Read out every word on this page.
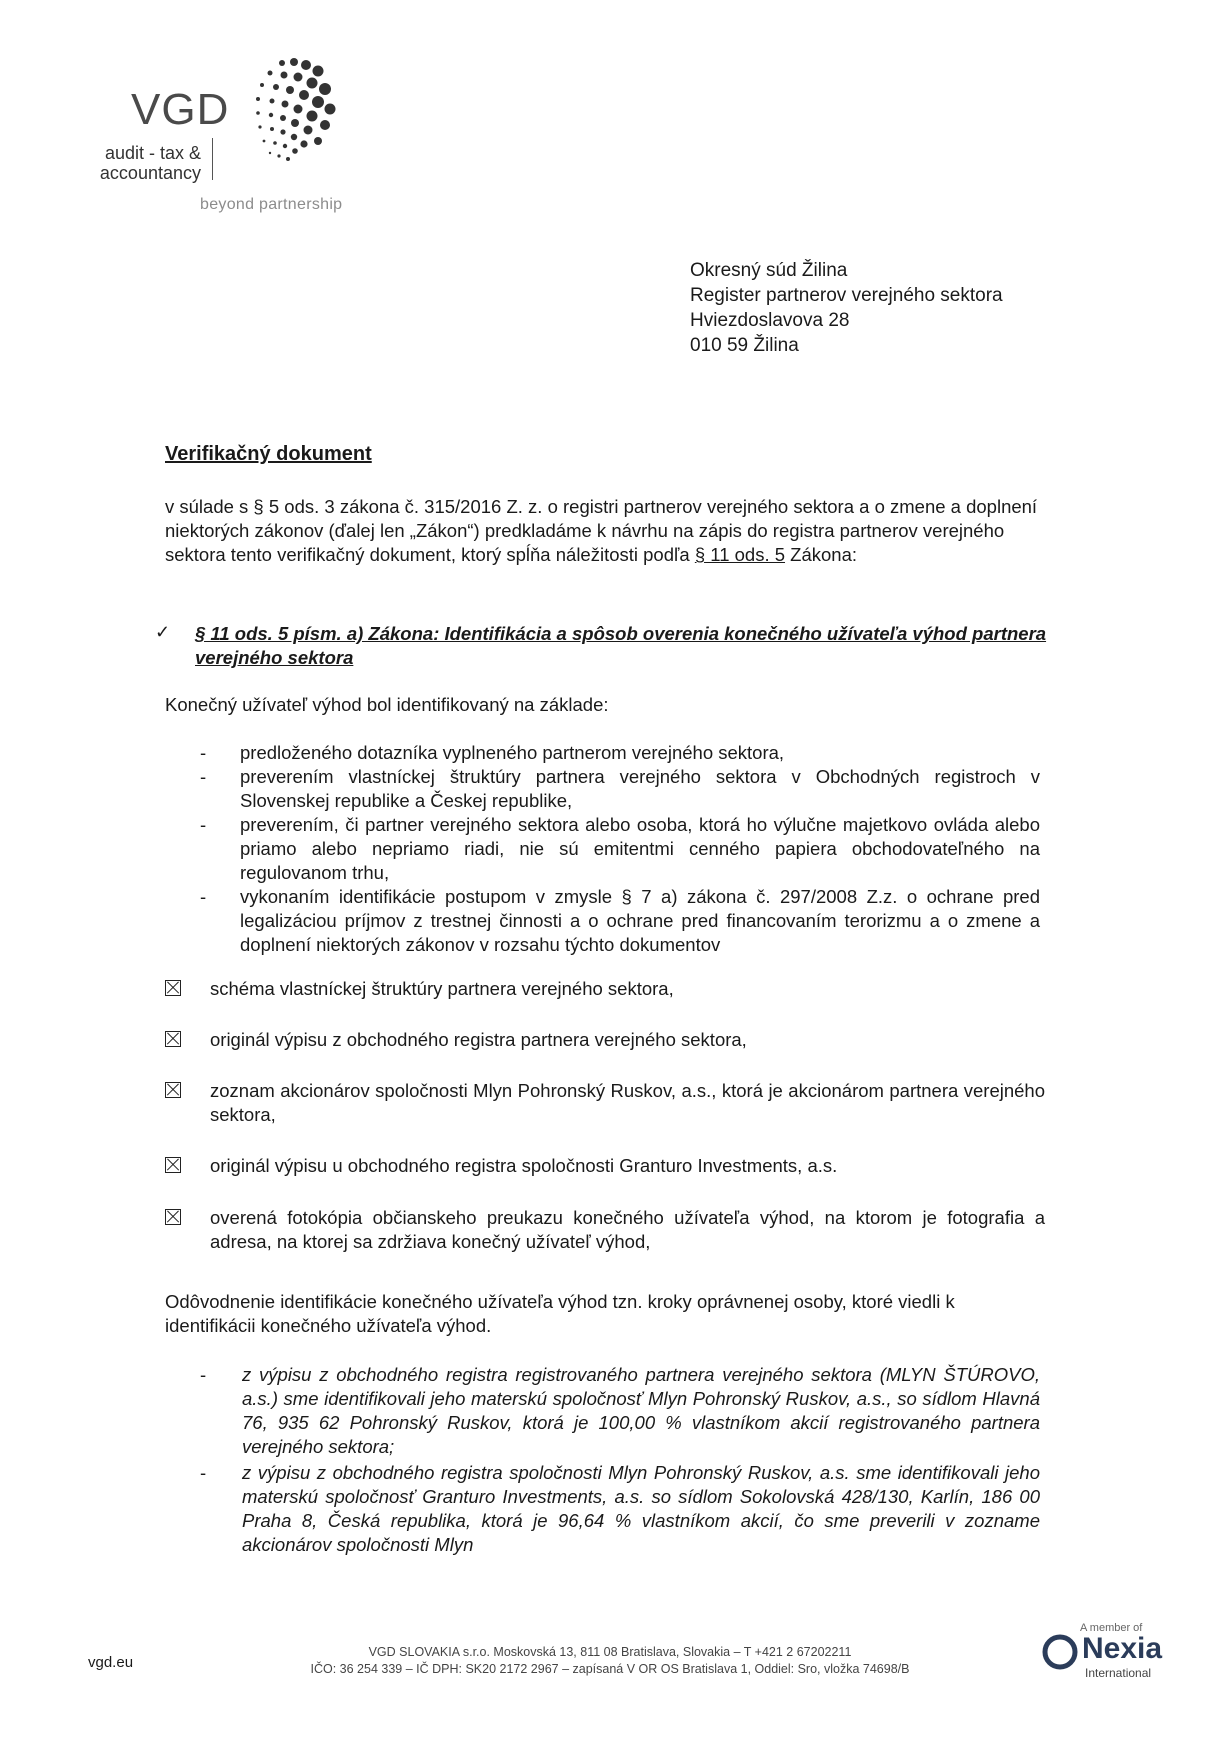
VGD
audit - tax &
accountancy
beyond partnership
Okresný súd Žilina
Register partnerov verejného sektora
Hviezdoslavova 28
010 59 Žilina
Verifikačný dokument
v súlade s § 5 ods. 3 zákona č. 315/2016 Z. z. o registri partnerov verejného sektora a o zmene a doplnení niektorých zákonov (ďalej len „Zákon“) predkladáme k návrhu na zápis do registra partnerov verejného sektora tento verifikačný dokument, ktorý spĺňa náležitosti podľa § 11 ods. 5 Zákona:
✓ § 11 ods. 5 písm. a) Zákona: Identifikácia a spôsob overenia konečného užívateľa výhod partnera verejného sektora
Konečný užívateľ výhod bol identifikovaný na základe:
- predloženého dotazníka vyplneného partnerom verejného sektora,
- preverením vlastníckej štruktúry partnera verejného sektora v Obchodných registroch v Slovenskej republike a Českej republike,
- preverením, či partner verejného sektora alebo osoba, ktorá ho výlučne majetkovo ovláda alebo priamo alebo nepriamo riadi, nie sú emitentmi cenného papiera obchodovateľného na regulovanom trhu,
- vykonaním identifikácie postupom v zmysle § 7 a) zákona č. 297/2008 Z.z. o ochrane pred legalizáciou príjmov z trestnej činnosti a o ochrane pred financovaním terorizmu a o zmene a doplnení niektorých zákonov v rozsahu týchto dokumentov
schéma vlastníckej štruktúry partnera verejného sektora,
originál výpisu z obchodného registra partnera verejného sektora,
zoznam akcionárov spoločnosti Mlyn Pohronský Ruskov, a.s., ktorá je akcionárom partnera verejného sektora,
originál výpisu u obchodného registra spoločnosti Granturo Investments, a.s.
overená fotokópia občianskeho preukazu konečného užívateľa výhod, na ktorom je fotografia a adresa, na ktorej sa zdržiava konečný užívateľ výhod,
Odôvodnenie identifikácie konečného užívateľa výhod tzn. kroky oprávnenej osoby, ktoré viedli k identifikácii konečného užívateľa výhod.
- z výpisu z obchodného registra registrovaného partnera verejného sektora (MLYN ŠTÚROVO, a.s.) sme identifikovali jeho materskú spoločnosť Mlyn Pohronský Ruskov, a.s., so sídlom Hlavná 76, 935 62 Pohronský Ruskov, ktorá je 100,00 % vlastníkom akcií registrovaného partnera verejného sektora;
- z výpisu z obchodného registra spoločnosti Mlyn Pohronský Ruskov, a.s. sme identifikovali jeho materskú spoločnosť Granturo Investments, a.s. so sídlom Sokolovská 428/130, Karlín, 186 00 Praha 8, Česká republika, ktorá je 96,64 % vlastníkom akcií, čo sme preverili v zozname akcionárov spoločnosti Mlyn
vgd.eu
VGD SLOVAKIA s.r.o. Moskovská 13, 811 08 Bratislava, Slovakia – T +421 2 67202211
IČO: 36 254 339 – IČ DPH: SK20 2172 2967 – zapísaná V OR OS Bratislava 1, Oddiel: Sro, vložka 74698/B
A member of
Nexia
International
